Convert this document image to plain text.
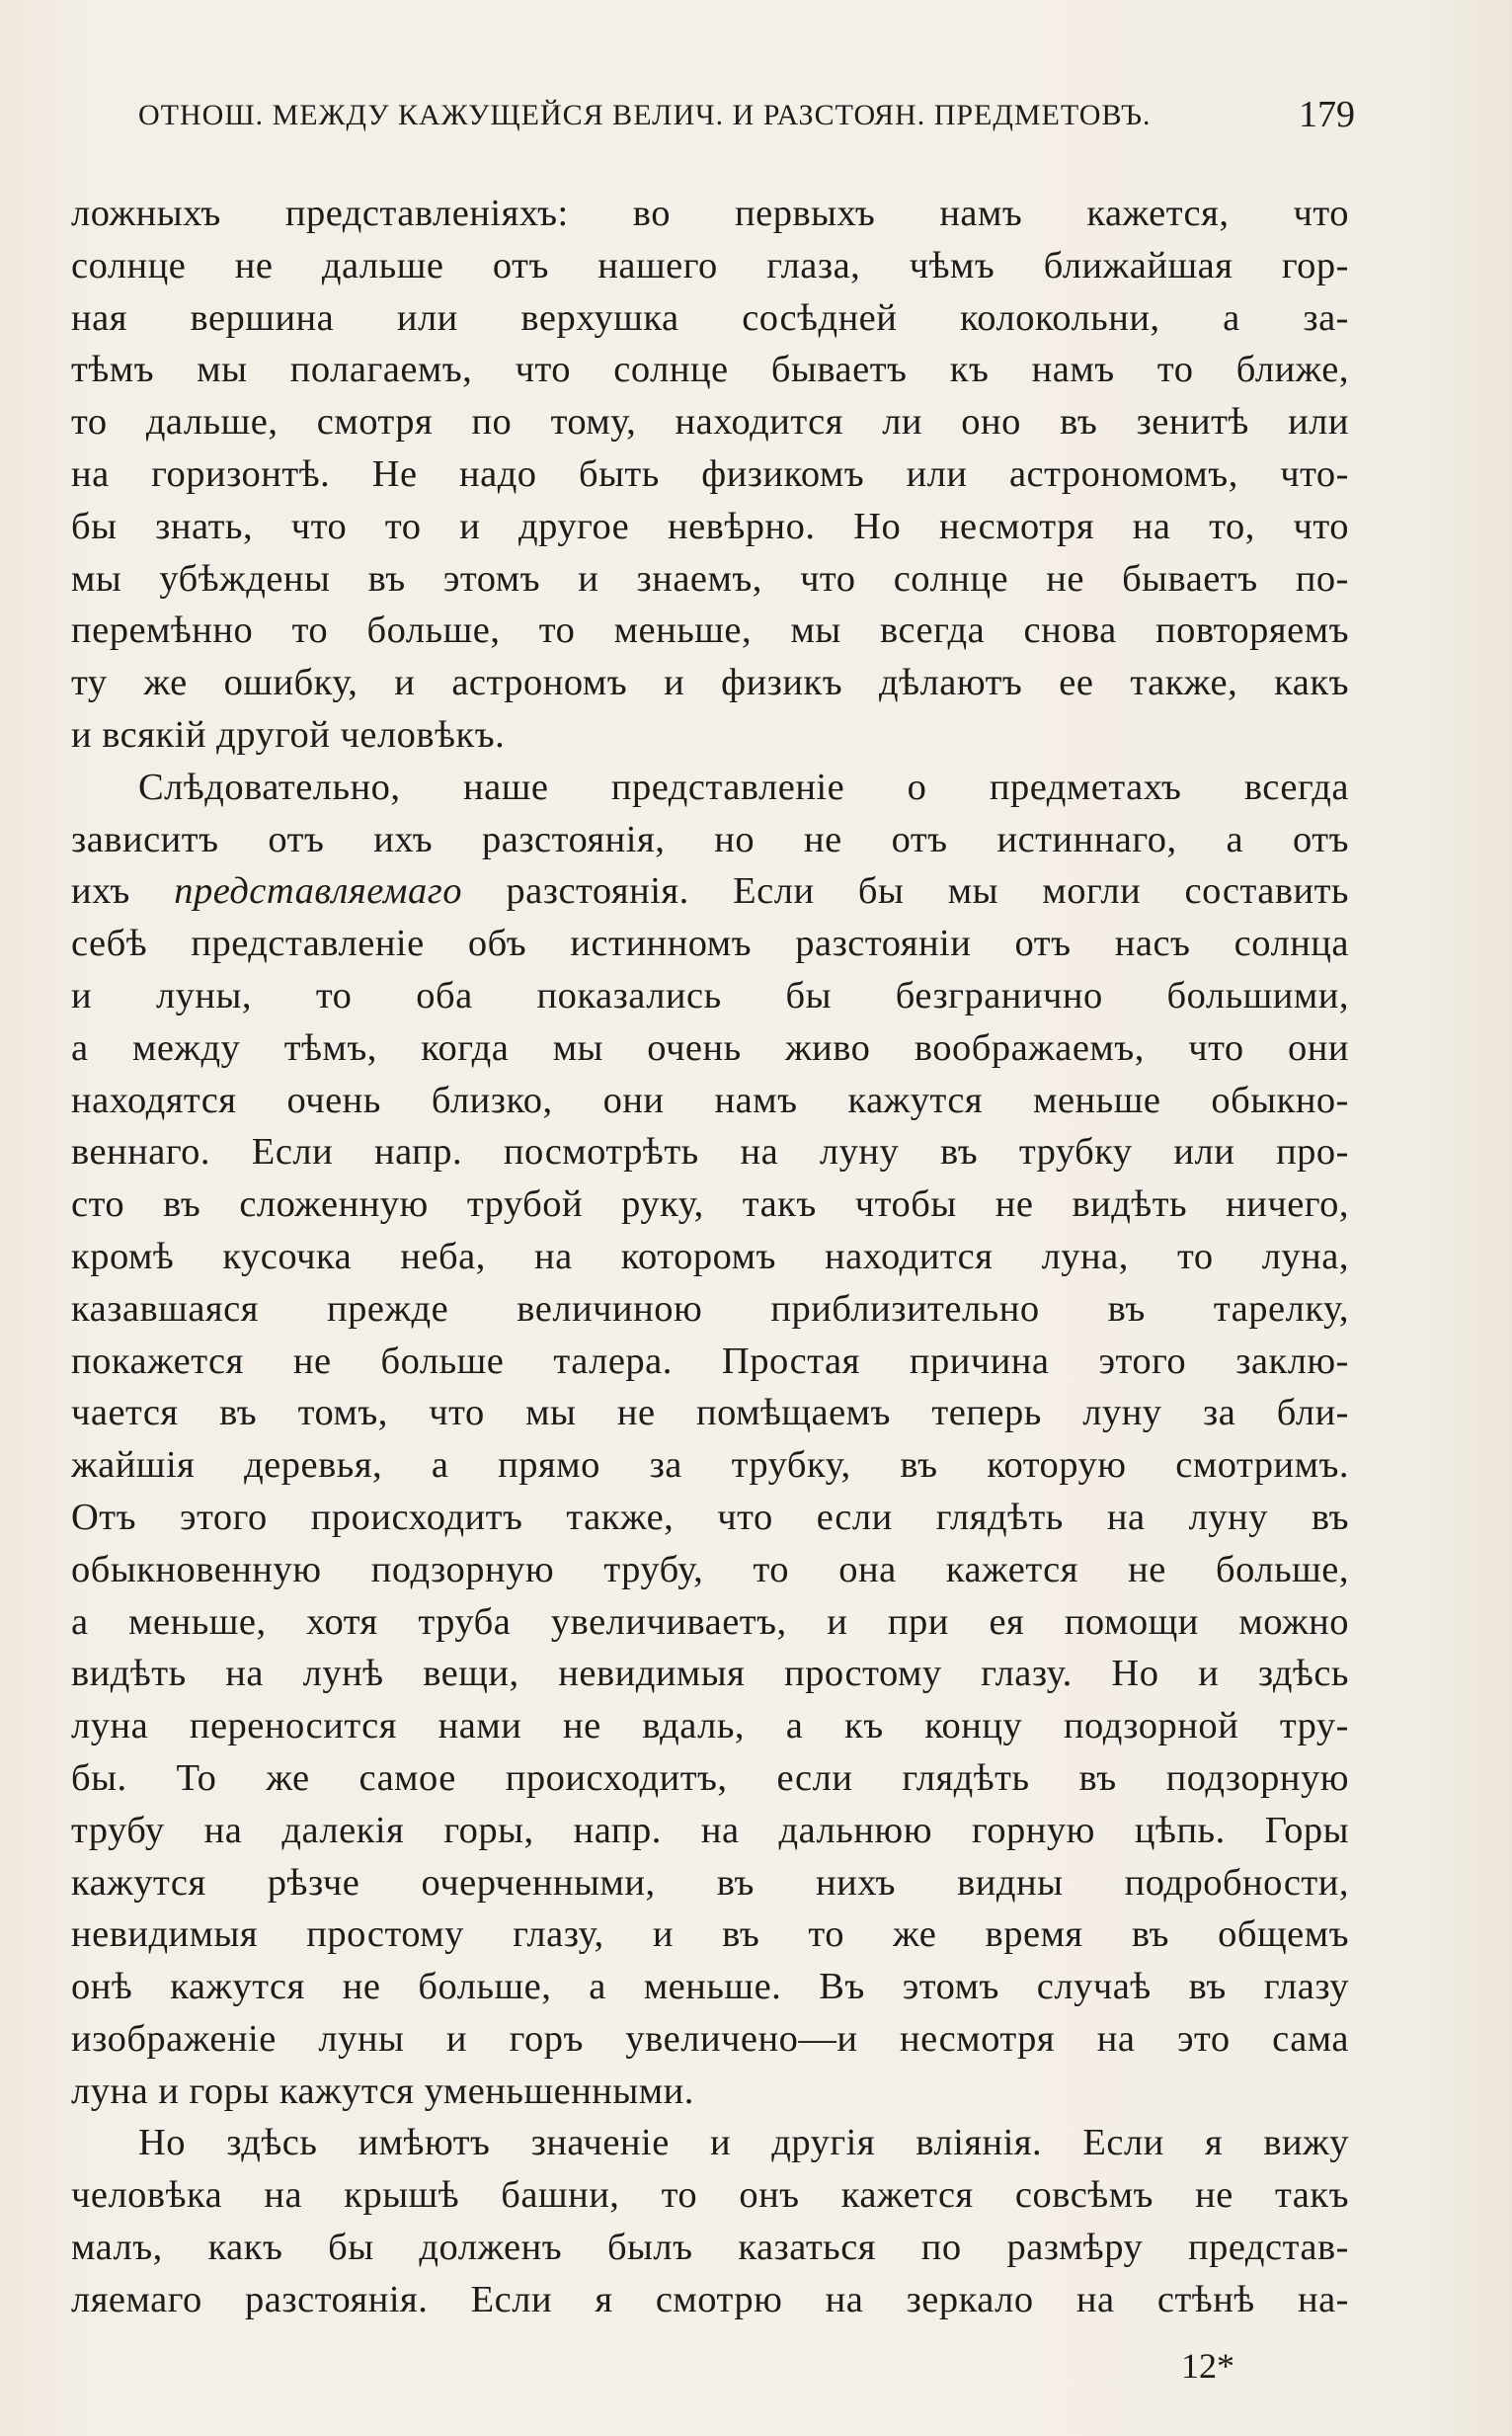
ОТНОШ. МЕЖДУ КАЖУЩЕЙСЯ ВЕЛИЧ. И РАЗСТОЯН. ПРЕДМЕТОВЪ.	179
ложныхъ представленіяхъ: во первыхъ намъ кажется, что
солнце не дальше отъ нашего глаза, чѣмъ ближайшая гор-
ная вершина или верхушка сосѣдней колокольни, а за-
тѣмъ мы полагаемъ, что солнце бываетъ къ намъ то ближе,
то дальше, смотря по тому, находится ли оно въ зенитѣ или
на горизонтѣ. Не надо быть физикомъ или астрономомъ, что-
бы знать, что то и другое невѣрно. Но несмотря на то, что
мы убѣждены въ этомъ и знаемъ, что солнце не бываетъ по-
перемѣнно то больше, то меньше, мы всегда снова повторяемъ
ту же ошибку, и астрономъ и физикъ дѣлаютъ ее также, какъ
и всякій другой человѣкъ.
Слѣдовательно, наше представленіе о предметахъ всегда
зависитъ отъ ихъ разстоянія, но не отъ истиннаго, а отъ
ихъ представляемаго разстоянія. Если бы мы могли составить
себѣ представленіе объ истинномъ разстояніи отъ насъ солнца
и луны, то оба показались бы безгранично большими,
а между тѣмъ, когда мы очень живо воображаемъ, что они
находятся очень близко, они намъ кажутся меньше обыкно-
веннаго. Если напр. посмотрѣть на луну въ трубку или про-
сто въ сложенную трубой руку, такъ чтобы не видѣть ничего,
кромѣ кусочка неба, на которомъ находится луна, то луна,
казавшаяся прежде величиною приблизительно въ тарелку,
покажется не больше талера. Простая причина этого заклю-
чается въ томъ, что мы не помѣщаемъ теперь луну за бли-
жайшія деревья, а прямо за трубку, въ которую смотримъ.
Отъ этого происходитъ также, что если глядѣть на луну въ
обыкновенную подзорную трубу, то она кажется не больше,
а меньше, хотя труба увеличиваетъ, и при ея помощи можно
видѣть на лунѣ вещи, невидимыя простому глазу. Но и здѣсь
луна переносится нами не вдаль, а къ концу подзорной тру-
бы. То же самое происходитъ, если глядѣть въ подзорную
трубу на далекія горы, напр. на дальнюю горную цѣпь. Горы
кажутся рѣзче очерченными, въ нихъ видны подробности,
невидимыя простому глазу, и въ то же время въ общемъ
онѣ кажутся не больше, а меньше. Въ этомъ случаѣ въ глазу
изображеніе луны и горъ увеличено—и несмотря на это сама
луна и горы кажутся уменьшенными.
Но здѣсь имѣютъ значеніе и другія вліянія. Если я вижу
человѣка на крышѣ башни, то онъ кажется совсѣмъ не такъ
малъ, какъ бы долженъ былъ казаться по размѣру представ-
ляемаго разстоянія. Если я смотрю на зеркало на стѣнѣ на-
12*
